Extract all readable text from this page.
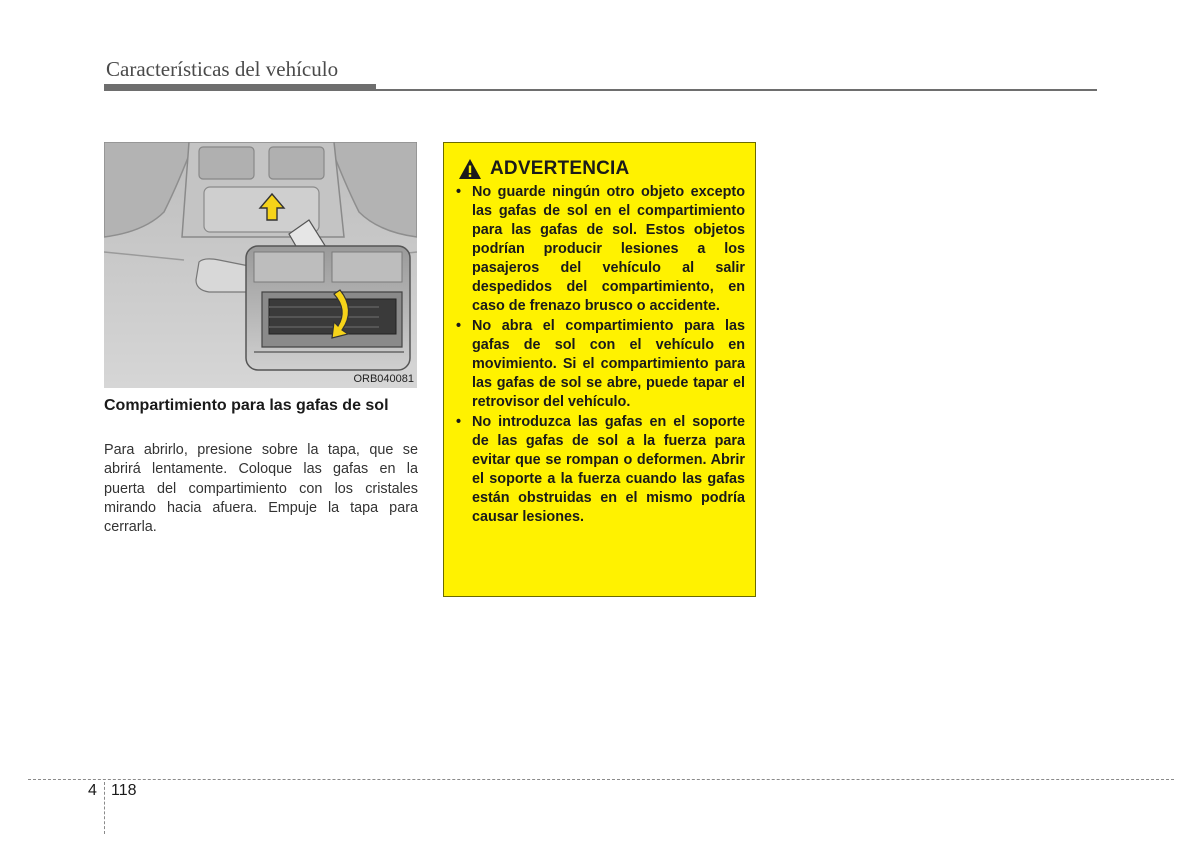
Características del vehículo
ORB040081
Compartimiento para las gafas de sol
Para abrirlo, presione sobre la tapa, que se abrirá lentamente. Coloque las gafas en la puerta del compartimiento con los cristales mirando hacia afuera. Empuje la tapa para cerrarla.
ADVERTENCIA
• No guarde ningún otro objeto excepto las gafas de sol en el compartimiento para las gafas de sol. Estos objetos podrían producir lesiones a los pasajeros del vehículo al salir despedidos del compartimiento, en caso de frenazo brusco o accidente.
• No abra el compartimiento para las gafas de sol con el vehículo en movimiento. Si el compartimiento para las gafas de sol se abre, puede tapar el retrovisor del vehículo.
• No introduzca las gafas en el soporte de las gafas de sol a la fuerza para evitar que se rompan o deformen. Abrir el soporte a la fuerza cuando las gafas están obstruidas en el mismo podría causar lesiones.
4 118
